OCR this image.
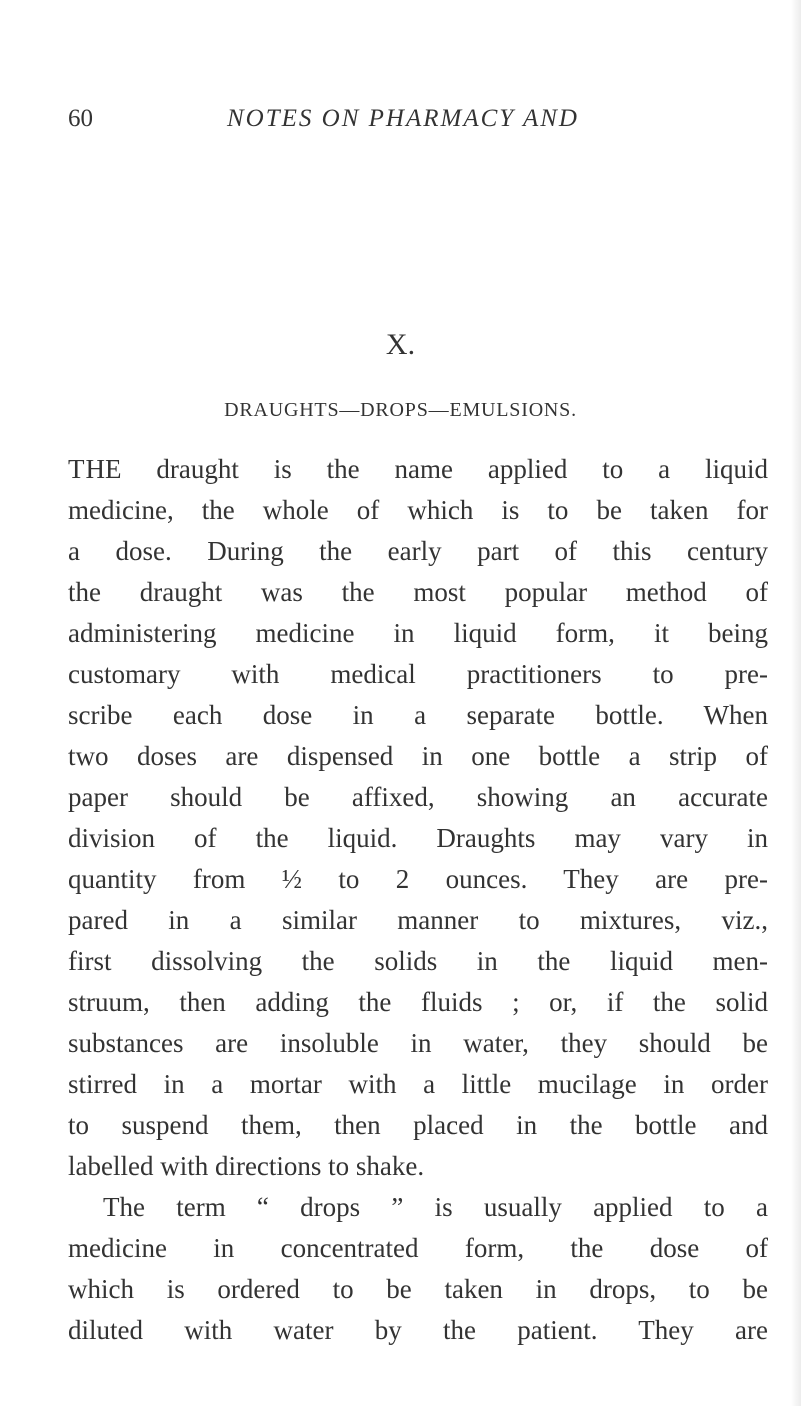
60	NOTES ON PHARMACY AND
X.
DRAUGHTS—DROPS—EMULSIONS.
THE draught is the name applied to a liquid
medicine, the whole of which is to be taken for
a dose. During the early part of this century
the draught was the most popular method of
administering medicine in liquid form, it being
customary with medical practitioners to pre-
scribe each dose in a separate bottle. When
two doses are dispensed in one bottle a strip of
paper should be affixed, showing an accurate
division of the liquid. Draughts may vary in
quantity from ½ to 2 ounces. They are pre-
pared in a similar manner to mixtures, viz.,
first dissolving the solids in the liquid men-
struum, then adding the fluids ; or, if the solid
substances are insoluble in water, they should be
stirred in a mortar with a little mucilage in order
to suspend them, then placed in the bottle and
labelled with directions to shake.
The term “ drops ” is usually applied to a
medicine in concentrated form, the dose of
which is ordered to be taken in drops, to be
diluted with water by the patient. They are
